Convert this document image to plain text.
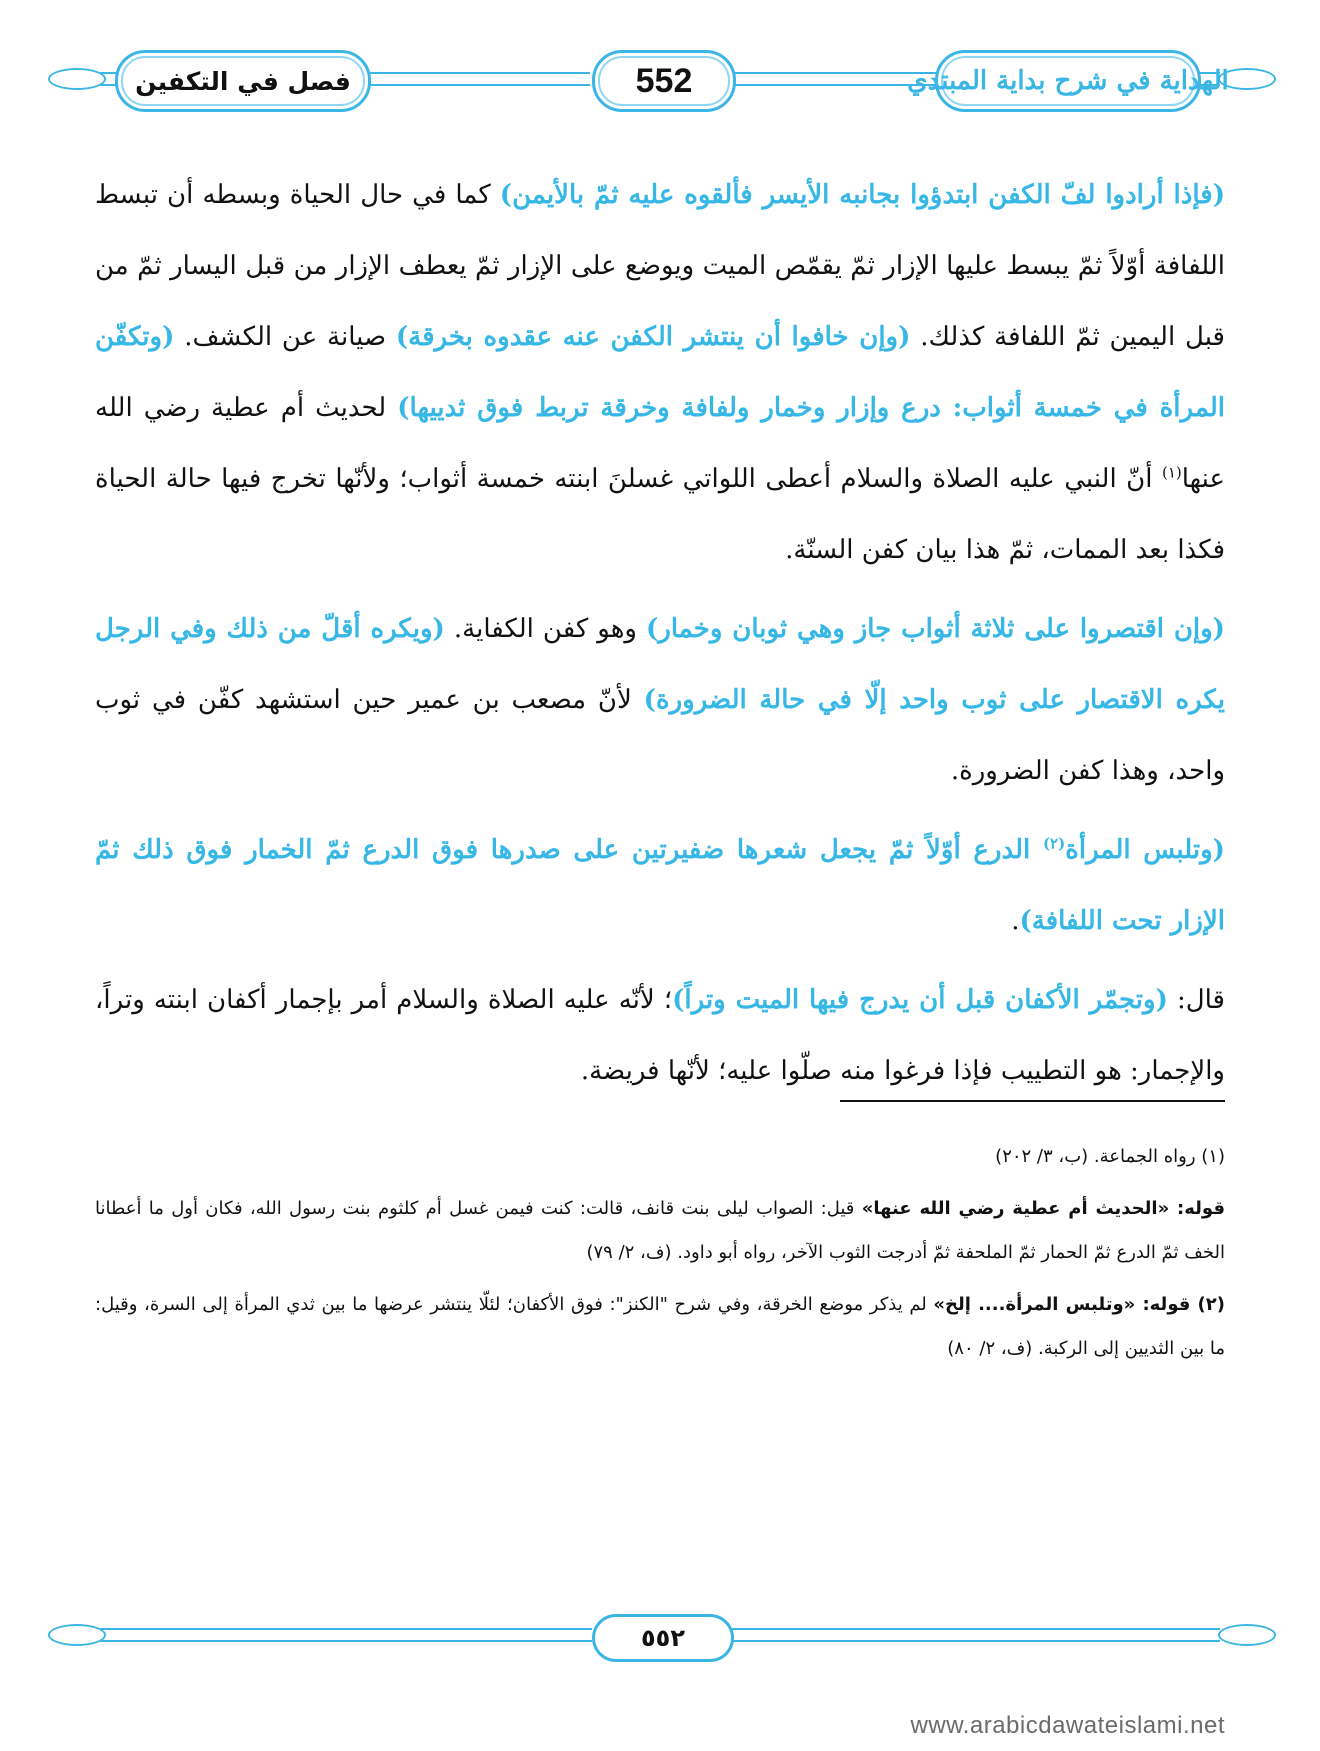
فصل في التكفين	552	الهداية في شرح بداية المبتدي

(فإذا أرادوا لفّ الكفن ابتدؤوا بجانبه الأيسر فألقوه عليه ثمّ بالأيمن) كما في حال الحياة وبسطه أن تبسط اللفافة أوّلاً ثمّ يبسط عليها الإزار ثمّ يقمّص الميت ويوضع على الإزار ثمّ يعطف الإزار من قبل اليسار ثمّ من قبل اليمين ثمّ اللفافة كذلك. (وإن خافوا أن ينتشر الكفن عنه عقدوه بخرقة) صيانة عن الكشف. (وتكفّن المرأة في خمسة أثواب: درع وإزار وخمار ولفافة وخرقة تربط فوق ثدييها) لحديث أم عطية رضي الله عنها$^{(١)}$ أنّ النبي عليه الصلاة والسلام أعطى اللواتي غسلنَ ابنته خمسة أثواب؛ ولأنّها تخرج فيها حالة الحياة فكذا بعد الممات، ثمّ هذا بيان كفن السنّة.

(وإن اقتصروا على ثلاثة أثواب جاز وهي ثوبان وخمار) وهو كفن الكفاية. (ويكره أقلّ من ذلك وفي الرجل يكره الاقتصار على ثوب واحد إلّا في حالة الضرورة) لأنّ مصعب بن عمير حين استشهد كفّن في ثوب واحد، وهذا كفن الضرورة.

(وتلبس المرأة$^{(٢)}$ الدرع أوّلاً ثمّ يجعل شعرها ضفيرتين على صدرها فوق الدرع ثمّ الخمار فوق ذلك ثمّ الإزار تحت اللفافة).

قال: (وتجمّر الأكفان قبل أن يدرج فيها الميت وتراً)؛ لأنّه عليه الصلاة والسلام أمر بإجمار أكفان ابنته وتراً، والإجمار: هو التطييب فإذا فرغوا منه صلّوا عليه؛ لأنّها فريضة.

(١) رواه الجماعة. (ب، ٣/ ٢٠٢)

قوله: «الحديث أم عطية رضي الله عنها» قيل: الصواب ليلى بنت قانف، قالت: كنت فيمن غسل أم كلثوم بنت رسول الله، فكان أول ما أعطانا الخف ثمّ الدرع ثمّ الحمار ثمّ الملحفة ثمّ أدرجت الثوب الآخر، رواه أبو داود. (ف، ٢/ ٧٩)

(٢) قوله: «وتلبس المرأة.... إلخ» لم يذكر موضع الخرقة، وفي شرح "الكنز": فوق الأكفان؛ لئلّا ينتشر عرضها ما بين ثدي المرأة إلى السرة، وقيل: ما بين الثديين إلى الركبة. (ف، ٢/ ٨٠)

٥٥٢
www.arabicdawateislami.net
